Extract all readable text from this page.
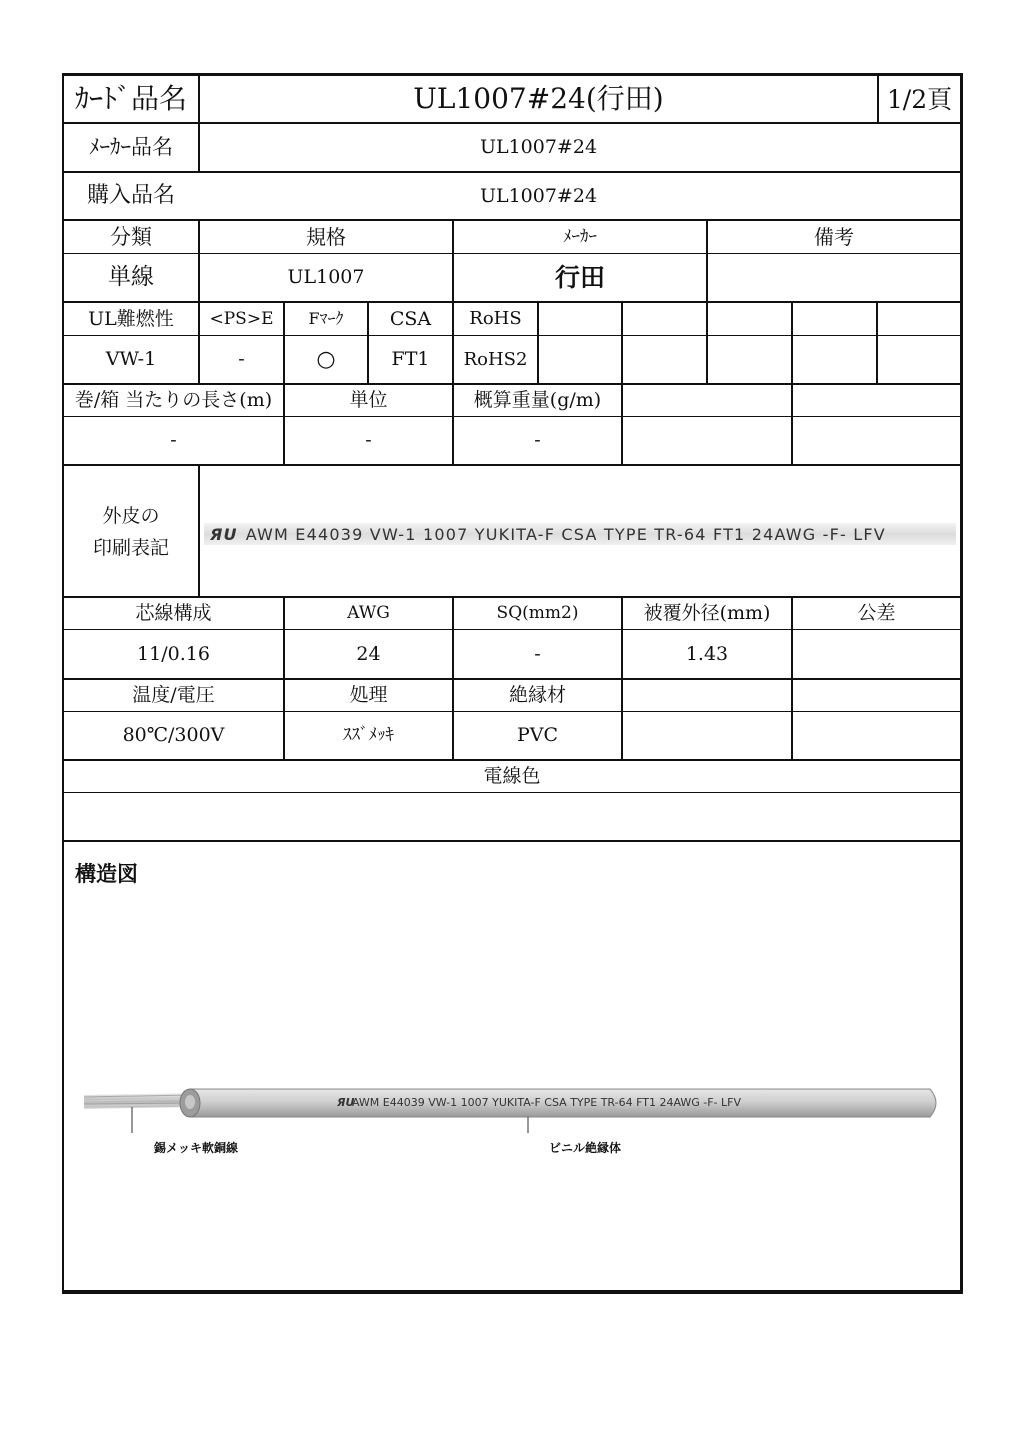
ｶｰﾄﾞ品名	UL1007#24(行田)	1/2頁
ﾒｰｶｰ品名	UL1007#24
購入品名	UL1007#24
分類	規格	ﾒｰｶｰ	備考
単線	UL1007	行田
UL難燃性	<PS>E	Fﾏｰｸ	CSA	RoHS
VW-1	-	○	FT1	RoHS2
巻/箱 当たりの長さ(m)	単位	概算重量(g/m)
-	-	-
外皮の
印刷表記
ЯU AWM E44039 VW-1 1007 YUKITA-F CSA TYPE TR-64 FT1 24AWG -F- LFV
芯線構成	AWG	SQ(mm2)	被覆外径(mm)	公差
11/0.16	24	-	1.43
温度/電圧	処理	絶縁材
80℃/300V	ｽｽﾞﾒｯｷ	PVC
電線色
構造図
AWM E44039 VW-1 1007 YUKITA-F CSA TYPE TR-64 FT1 24AWG -F- LFV
ЯU
錫メッキ軟銅線	ビニル絶縁体
